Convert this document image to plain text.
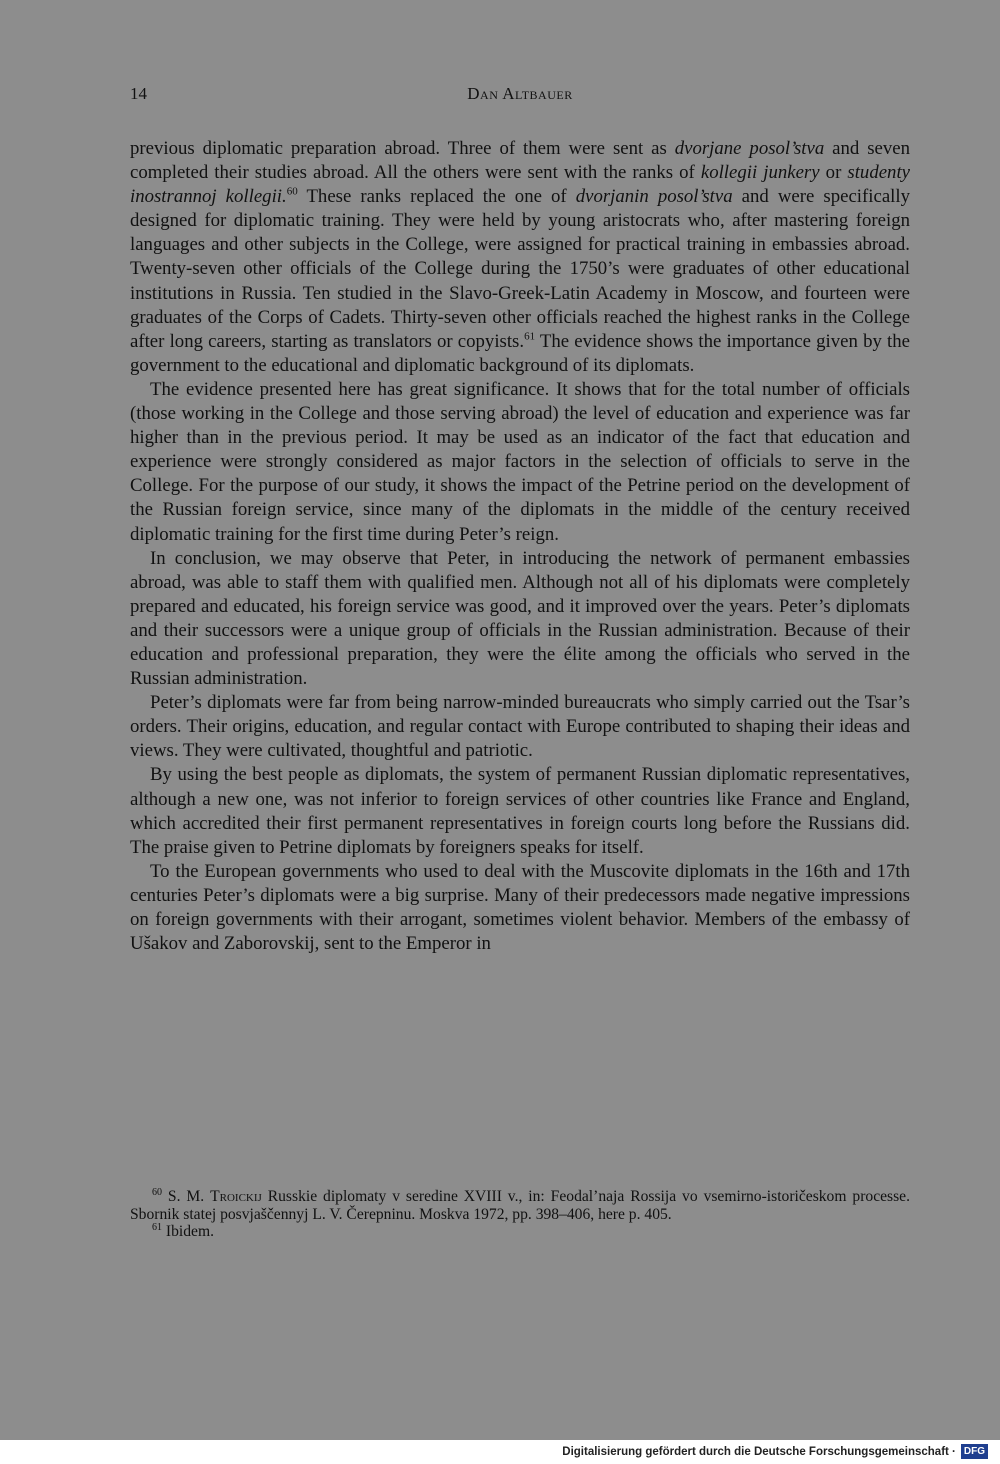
14	Dan Altbauer

previous diplomatic preparation abroad. Three of them were sent as dvorjane posol’stva and seven completed their studies abroad. All the others were sent with the ranks of kollegii junkery or studenty inostrannoj kollegii.$^{60}$ These ranks replaced the one of dvorjanin posol’stva and were specifically designed for diplomatic training. They were held by young aristocrats who, after mastering foreign languages and other subjects in the College, were assigned for practical training in embassies abroad. Twenty-seven other officials of the College during the 1750’s were graduates of other educational institutions in Russia. Ten studied in the Slavo-Greek-Latin Academy in Moscow, and fourteen were graduates of the Corps of Cadets. Thirty-seven other officials reached the highest ranks in the College after long careers, starting as translators or copyists.$^{61}$ The evidence shows the importance given by the government to the educational and diplomatic background of its diplomats.

The evidence presented here has great significance. It shows that for the total number of officials (those working in the College and those serving abroad) the level of education and experience was far higher than in the previous period. It may be used as an indicator of the fact that education and experience were strongly considered as major factors in the selection of officials to serve in the College. For the purpose of our study, it shows the impact of the Petrine period on the development of the Russian foreign service, since many of the diplomats in the middle of the century received diplomatic training for the first time during Peter’s reign.

In conclusion, we may observe that Peter, in introducing the network of permanent embassies abroad, was able to staff them with qualified men. Although not all of his diplomats were completely prepared and educated, his foreign service was good, and it improved over the years. Peter’s diplomats and their successors were a unique group of officials in the Russian administration. Because of their education and professional preparation, they were the élite among the officials who served in the Russian administration.

Peter’s diplomats were far from being narrow-minded bureaucrats who simply carried out the Tsar’s orders. Their origins, education, and regular contact with Europe contributed to shaping their ideas and views. They were cultivated, thoughtful and patriotic.

By using the best people as diplomats, the system of permanent Russian diplomatic representatives, although a new one, was not inferior to foreign services of other countries like France and England, which accredited their first permanent representatives in foreign courts long before the Russians did. The praise given to Petrine diplomats by foreigners speaks for itself.

To the European governments who used to deal with the Muscovite diplomats in the 16th and 17th centuries Peter’s diplomats were a big surprise. Many of their predecessors made negative impressions on foreign governments with their arrogant, sometimes violent behavior. Members of the embassy of Ušakov and Zaborovskij, sent to the Emperor in

$^{60}$ S. M. Troickij Russkie diplomaty v seredine XVIII v., in: Feodal’naja Rossija vo vsemirno-istoričeskom processe. Sbornik statej posvjaščennyj L. V. Čerepninu. Moskva 1972, pp. 398–406, here p. 405.

$^{61}$ Ibidem.

Digitalisierung gefördert durch die Deutsche Forschungsgemeinschaft · DFG
